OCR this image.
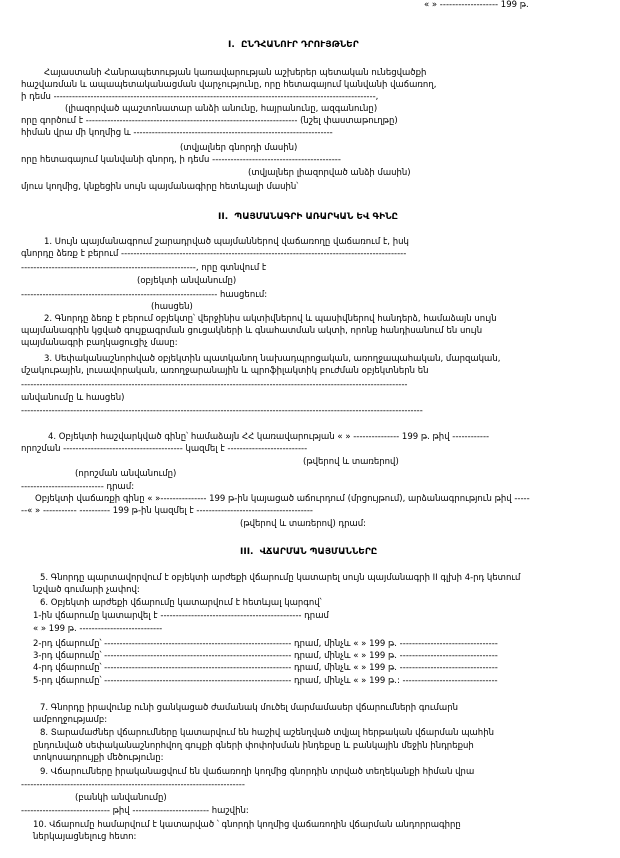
« » ------------------- 199 թ.
I.  ԸՆԴՀԱՆՈՒՐ ԴՐՈՒՅԹՆԵՐ
Հայաստանի Հանրապետության կառավարության աշխերեր պետական ունեցվածքի
հաշվառման և ապապետականացման վարչությունը, որը հետագայում կանվանի վաճառող,
ի դեմս ---------------------------------------------------------------------------------------------------------,
(լիազորված պաշտոնատար անձի անունը, հայրանունը, ազգանունը)
որը գործում է --------------------------------------------------------------------- (նշել փաստաթուղթը)
հիման վրա մի կողմից և -----------------------------------------------------------------
(տվյալներ գնորդի մասին)
որը հետագայում կանվանի գնորդ, ի դեմս ------------------------------------------
(տվյալներ լիազորված անձի մասին)
մյուս կողմից, կնքեցին սույն պայմանագիրը հետևյալի մասին՝
II.  ՊԱՅՄԱՆԱԳՐԻ ԱՌԱՐԿԱՆ ԵՎ ԳԻՆԸ
1. Սույն պայմանագրում շարադրված պայմաններով վաճառողը վաճառում է, իսկ
գնորդը ձեռք է բերում ---------------------------------------------------------------------------------------------
---------------------------------------------------------, որը գտնվում է
(օբյեկտի անվանումը)
---------------------------------------------------------------- հասցեում:
(հասցեն)
2. Գնորդը ձեռք է բերում օբյեկտը՝ վերջինիս ակտիվներով և պասիվներով հանդերձ, համաձայն սույն
պայմանագրին կցված գույքագրման ցուցակների և գնահատման ակտի, որոնք հանդիսանում են սույն
պայմանագրի բաղկացուցիչ մասը:
3. Սեփականաշնորհված օբյեկտին պատկանող նախադպրոցական, առողջապահական, մարզական,
մշակութային, լուսավորական, առողջարանային և պրոֆիլակտիկ բուժման օբյեկտներն են
------------------------------------------------------------------------------------------------------------------------------
անվանումը և հասցեն)
-----------------------------------------------------------------------------------------------------------------------------------
4. Օբյեկտի հաշվարկված գինը՝ համաձայն ՀՀ կառավարության « » --------------- 199 թ. թիվ ------------
որոշման --------------------------------------- կազմել է --------------------------
(թվերով և տառերով)
(որոշման անվանումը)
--------------------------- դրամ:
Օբյեկտի վաճառքի գինը « »--------------- 199 թ-ին կայացած աճուրդում (մրցույթում), արձանագրություն թիվ -----
--« » ----------- ---------- 199 թ-ին կազմել է --------------------------------------
(թվերով և տառերով) դրամ:
III.  ՎՃԱՐՄԱՆ ՊԱՅՄԱՆՆԵՐԸ
5. Գնորդը պարտավորվում է օբյեկտի արժեքի վճարումը կատարել սույն պայմանագրի II գլխի 4-րդ կետում
նշված գումարի չափով:
6. Օբյեկտի արժեքի վճարումը կատարվում է հետևյալ կարգով՝
1-ին վճարումը կատարվել է ---------------------------------------------- դրամ
« » 199 թ. ---------------------------
2-րդ վճարումը՝ ------------------------------------------------------------- դրամ, մինչև « » 199 թ. --------------------------------
3-րդ վճարումը՝ ------------------------------------------------------------- դրամ, մինչև « » 199 թ. --------------------------------
4-րդ վճարումը՝ ------------------------------------------------------------- դրամ, մինչև « » 199 թ. --------------------------------
5-րդ վճարումը՝ ------------------------------------------------------------- դրամ, մինչև « » 199 թ.: -------------------------------
7. Գնորդը իրավունք ունի ցանկացած ժամանակ մուծել մարմամասեր վճարումների գումարն
ամբողջությամբ:
8. Տարամաժներ վճարումները կատարվում են հաշիվ աշենղված տվյալ հերթական վճարման պահին
ընդունված սեփականաշնորհվող գույքի գների փոփոխման ինդեքսը և բանկային մեջին ինդրեքսի
տոկոսադրույքի մեծությունը:
9. Վճարումները իրականացվում են վաճառողի կողմից գնորդին տրված տեղեկանքի հիման վրա
-------------------------------------------------------------------------
(բանկի անվանումը)
----------------------------- թիվ ------------------------- հաշվին:
10. Վճարումը համարվում է կատարված ՝ գնորդի կողմից վաճառողին վճարման անդորրագիրը
ներկայացնելուց հետո:
